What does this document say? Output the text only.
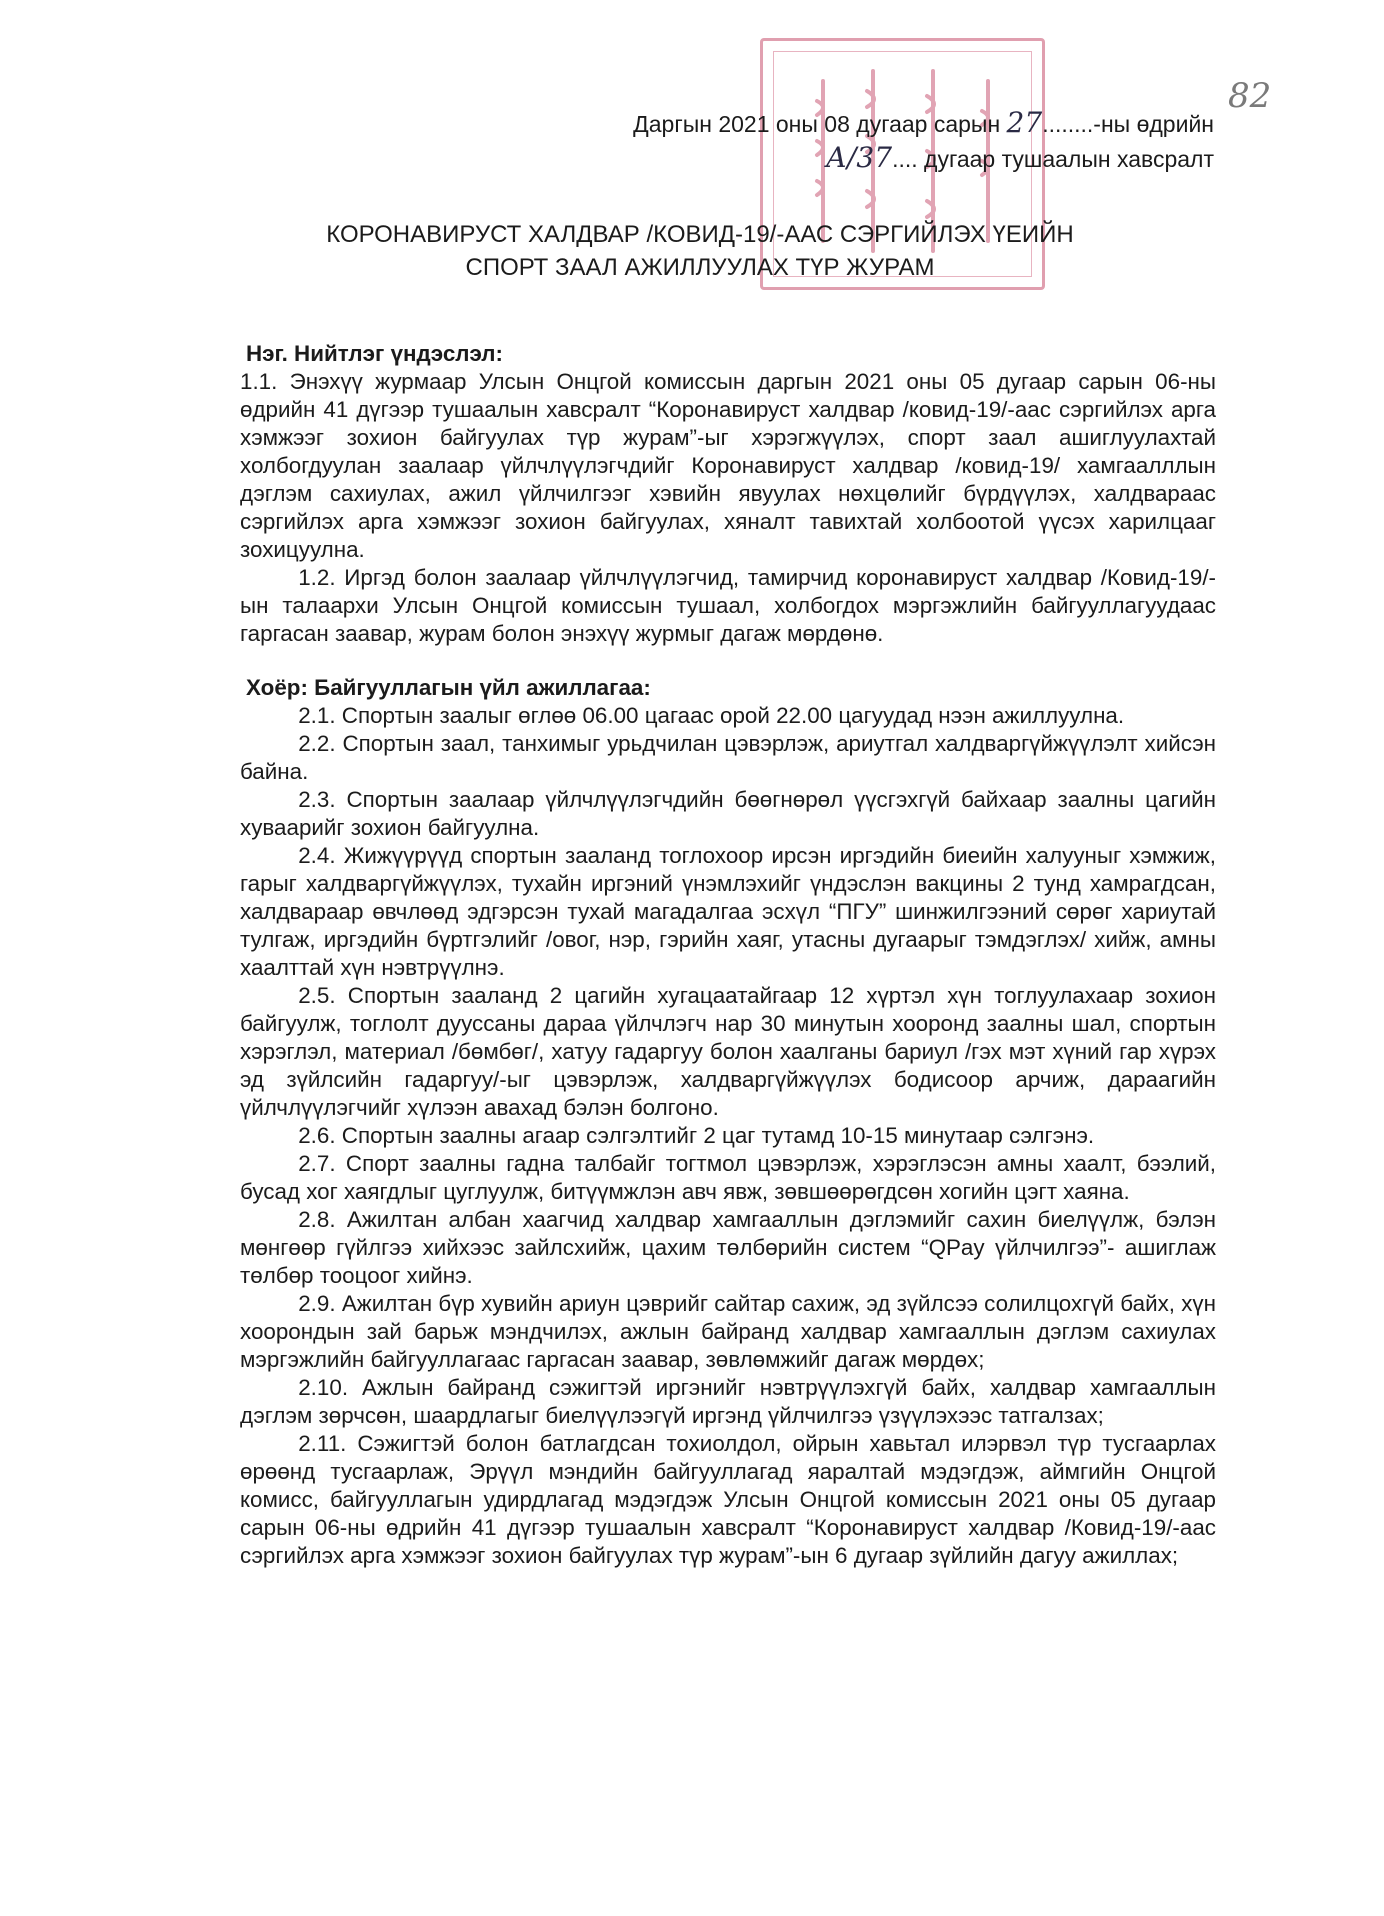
82
Даргын 2021 оны 08 дугаар сарын 27........-ны өдрийн
А/37.... дугаар тушаалын хавсралт
КОРОНАВИРУСТ ХАЛДВАР /КОВИД-19/-ААС СЭРГИЙЛЭХ ҮЕИЙН
СПОРТ ЗААЛ АЖИЛЛУУЛАХ ТҮР ЖУРАМ

Нэг. Нийтлэг үндэслэл:

1.1. Энэхүү журмаар Улсын Онцгой комиссын даргын 2021 оны 05 дугаар сарын 06-ны өдрийн 41 дүгээр тушаалын хавсралт “Коронавируст халдвар /ковид-19/-аас сэргийлэх арга хэмжээг зохион байгуулах түр журам”-ыг хэрэгжүүлэх, спорт заал ашиглуулахтай холбогдуулан заалаар үйлчлүүлэгчдийг Коронавируст халдвар /ковид-19/ хамгаалллын дэглэм сахиулах, ажил үйлчилгээг хэвийн явуулах нөхцөлийг бүрдүүлэх, халдвараас сэргийлэх арга хэмжээг зохион байгуулах, хяналт тавихтай холбоотой үүсэх харилцааг зохицуулна.

1.2. Иргэд болон заалаар үйлчлүүлэгчид, тамирчид коронавируст халдвар /Ковид-19/-ын талаархи Улсын Онцгой комиссын тушаал, холбогдох мэргэжлийн байгууллагуудаас гаргасан заавар, журам болон энэхүү журмыг дагаж мөрдөнө.

Хоёр: Байгууллагын үйл ажиллагаа:

2.1. Спортын заалыг өглөө 06.00 цагаас орой 22.00 цагуудад нээн ажиллуулна.

2.2. Спортын заал, танхимыг урьдчилан цэвэрлэж, ариутгал халдваргүйжүүлэлт хийсэн байна.

2.3. Спортын заалаар үйлчлүүлэгчдийн бөөгнөрөл үүсгэхгүй байхаар заалны цагийн хуваарийг зохион байгуулна.

2.4. Жижүүрүүд спортын зааланд тоглохоор ирсэн иргэдийн биеийн халууныг хэмжиж, гарыг халдваргүйжүүлэх, тухайн иргэний үнэмлэхийг үндэслэн вакцины 2 тунд хамрагдсан, халдвараар өвчлөөд эдгэрсэн тухай магадалгаа эсхүл “ПГУ” шинжилгээний сөрөг хариутай тулгаж, иргэдийн бүртгэлийг /овог, нэр, гэрийн хаяг, утасны дугаарыг тэмдэглэх/ хийж, амны хаалттай хүн нэвтрүүлнэ.

2.5. Спортын зааланд 2 цагийн хугацаатайгаар 12 хүртэл хүн тоглуулахаар зохион байгуулж, тоглолт дууссаны дараа үйлчлэгч нар 30 минутын хооронд заалны шал, спортын хэрэглэл, материал /бөмбөг/, хатуу гадаргуу болон хаалганы бариул /гэх мэт хүний гар хүрэх эд зүйлсийн гадаргуу/-ыг цэвэрлэж, халдваргүйжүүлэх бодисоор арчиж, дараагийн үйлчлүүлэгчийг хүлээн авахад бэлэн болгоно.

2.6. Спортын заалны агаар сэлгэлтийг 2 цаг тутамд 10-15 минутаар сэлгэнэ.

2.7. Спорт заалны гадна талбайг тогтмол цэвэрлэж, хэрэглэсэн амны хаалт, бээлий, бусад хог хаягдлыг цуглуулж, битүүмжлэн авч явж, зөвшөөрөгдсөн хогийн цэгт хаяна.

2.8. Ажилтан албан хаагчид халдвар хамгааллын дэглэмийг сахин биелүүлж, бэлэн мөнгөөр гүйлгээ хийхээс зайлсхийж, цахим төлбөрийн систем “QPay үйлчилгээ”- ашиглаж төлбөр тооцоог хийнэ.

2.9. Ажилтан бүр хувийн ариун цэврийг сайтар сахиж, эд зүйлсээ солилцохгүй байх, хүн хоорондын зай барьж мэндчилэх, ажлын байранд халдвар хамгааллын дэглэм сахиулах мэргэжлийн байгууллагаас гаргасан заавар, зөвлөмжийг дагаж мөрдөх;

2.10. Ажлын байранд сэжигтэй иргэнийг нэвтрүүлэхгүй байх, халдвар хамгааллын дэглэм зөрчсөн, шаардлагыг биелүүлээгүй иргэнд үйлчилгээ үзүүлэхээс татгалзах;

2.11. Сэжигтэй болон батлагдсан тохиолдол, ойрын хавьтал илэрвэл түр тусгаарлах өрөөнд тусгаарлаж, Эрүүл мэндийн байгууллагад яаралтай мэдэгдэж, аймгийн Онцгой комисс, байгууллагын удирдлагад мэдэгдэж Улсын Онцгой комиссын 2021 оны 05 дугаар сарын 06-ны өдрийн 41 дүгээр тушаалын хавсралт “Коронавируст халдвар /Ковид-19/-аас сэргийлэх арга хэмжээг зохион байгуулах түр журам”-ын 6 дугаар зүйлийн дагуу ажиллах;
